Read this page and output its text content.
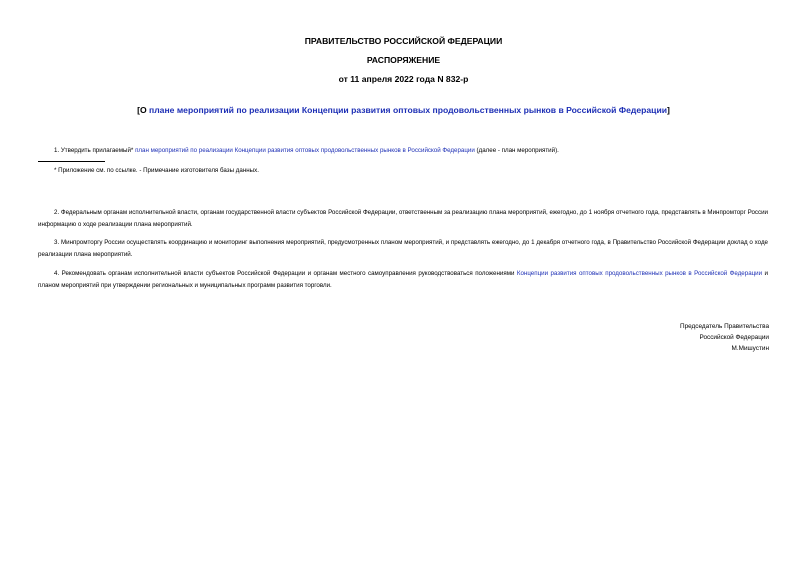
ПРАВИТЕЛЬСТВО РОССИЙСКОЙ ФЕДЕРАЦИИ
РАСПОРЯЖЕНИЕ
от 11 апреля 2022 года N 832-р
[О плане мероприятий по реализации Концепции развития оптовых продовольственных рынков в Российской Федерации]
1. Утвердить прилагаемый* план мероприятий по реализации Концепции развития оптовых продовольственных рынков в Российской Федерации (далее - план мероприятий).
* Приложение см. по ссылке. - Примечание изготовителя базы данных.
2. Федеральным органам исполнительной власти, органам государственной власти субъектов Российской Федерации, ответственным за реализацию плана мероприятий, ежегодно, до 1 ноября отчетного года, представлять в Минпромторг России информацию о ходе реализации плана мероприятий.
3. Минпромторгу России осуществлять координацию и мониторинг выполнения мероприятий, предусмотренных планом мероприятий, и представлять ежегодно, до 1 декабря отчетного года, в Правительство Российской Федерации доклад о ходе реализации плана мероприятий.
4. Рекомендовать органам исполнительной власти субъектов Российской Федерации и органам местного самоуправления руководствоваться положениями Концепции развития оптовых продовольственных рынков в Российской Федерации и планом мероприятий при утверждении региональных и муниципальных программ развития торговли.
Председатель Правительства
Российской Федерации
М.Мишустин
